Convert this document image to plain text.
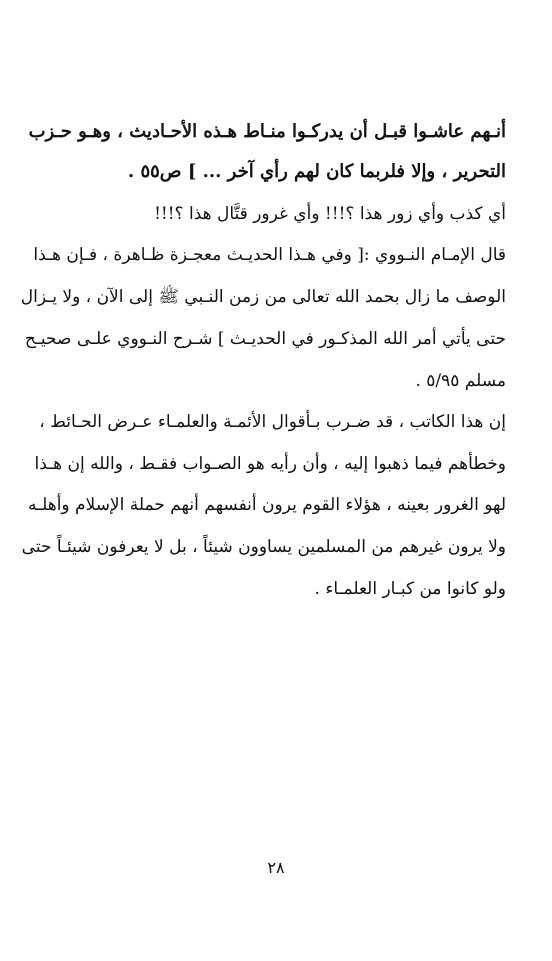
أنـهم عاشـوا قبـل أن يدركـوا منـاط هـذه الأحـاديث ، وهـو حـزب
التحرير ، وإلا فلربما كان لهم رأي آخر ... ] ص٥٥ .
أي كذب وأي زور هذا ؟!!! وأي غرور قتَّال هذا ؟!!!
قال الإمـام النـووي :[ وفي هـذا الحديـث معجـزة ظـاهرة ، فـإن هـذا
الوصف ما زال بحمد الله تعالى من زمن النـبي ﷺ إلى الآن ، ولا يـزال
حتى يأتي أمر الله المذكـور في الحديـث ] شـرح النـووي علـى صحيـح
مسلم ٥/٩٥ .
إن هذا الكاتب ، قد ضـرب بـأقوال الأئمـة والعلمـاء عـرض الحـائط ،
وخطأهم فيما ذهبوا إليه ، وأن رأيه هو الصـواب فقـط ، والله إن هـذا
لهو الغرور بعينه ، هؤلاء القوم يرون أنفسهم أنهم حملة الإسلام وأهلـه
ولا يرون غيرهم من المسلمين يساوون شيئاً ، بل لا يعرفون شيئـاً حتى
ولو كانوا من كبـار العلمـاء .
٢٨
